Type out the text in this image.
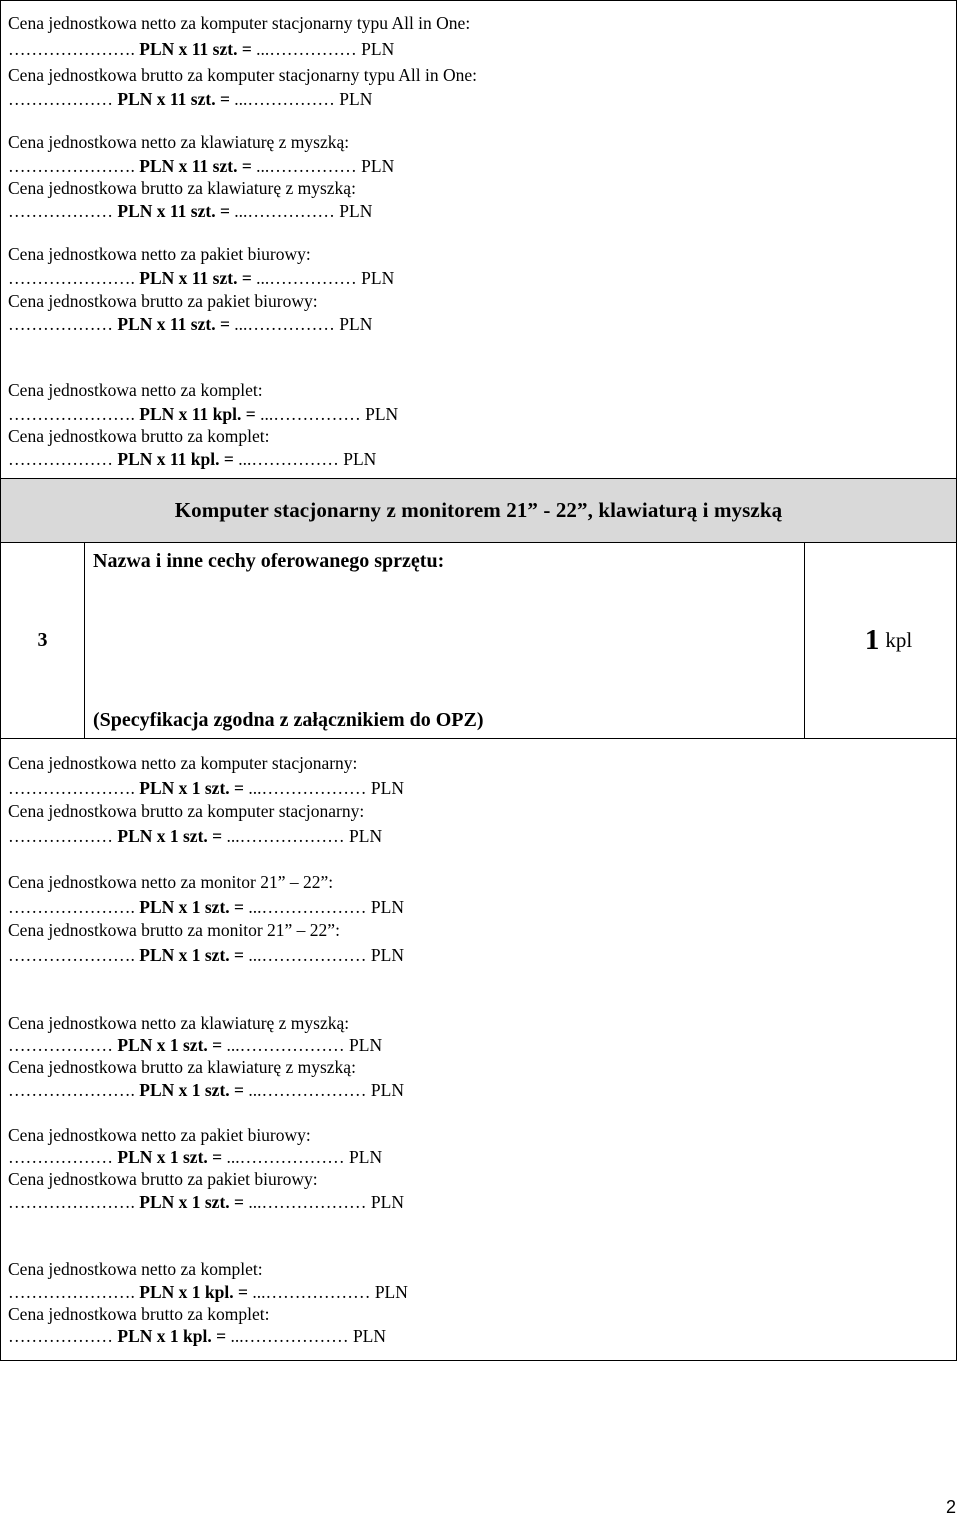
Cena jednostkowa netto za komputer stacjonarny typu All in One:
…………………. PLN x 11 szt. = ...…………… PLN
Cena jednostkowa brutto za komputer stacjonarny typu All in One:
……………… PLN x 11 szt. = ...…………… PLN
Cena jednostkowa netto za klawiaturę z myszką:
…………………. PLN x 11 szt. = ...…………… PLN
Cena jednostkowa brutto za klawiaturę z myszką:
……………… PLN x 11 szt. = ...…………… PLN
Cena jednostkowa netto za pakiet biurowy:
…………………. PLN x 11 szt. = ...…………… PLN
Cena jednostkowa brutto za pakiet biurowy:
……………… PLN x 11 szt. = ...…………… PLN
Cena jednostkowa netto za komplet:
…………………. PLN x 11 kpl. = ...…………… PLN
Cena jednostkowa brutto za komplet:
……………… PLN x 11 kpl. = ...…………… PLN
Komputer stacjonarny z monitorem 21” - 22”, klawiaturą i myszką
3
Nazwa i inne cechy oferowanego sprzętu:
(Specyfikacja zgodna z załącznikiem do OPZ)
1 kpl
Cena jednostkowa netto za komputer stacjonarny:
…………………. PLN x 1 szt. = ...……………… PLN
Cena jednostkowa brutto za komputer stacjonarny:
……………… PLN x 1 szt. = ...……………… PLN
Cena jednostkowa netto za monitor 21” – 22”:
…………………. PLN x 1 szt. = ...……………… PLN
Cena jednostkowa brutto za monitor 21” – 22”:
…………………. PLN x 1 szt. = ...……………… PLN
Cena jednostkowa netto za klawiaturę z myszką:
……………… PLN x 1 szt. = ...……………… PLN
Cena jednostkowa brutto za klawiaturę z myszką:
…………………. PLN x 1 szt. = ...……………… PLN
Cena jednostkowa netto za pakiet biurowy:
……………… PLN x 1 szt. = ...……………… PLN
Cena jednostkowa brutto za pakiet biurowy:
…………………. PLN x 1 szt. = ...……………… PLN
Cena jednostkowa netto za komplet:
…………………. PLN x 1 kpl. = ...……………… PLN
Cena jednostkowa brutto za komplet:
……………… PLN x 1 kpl. = ...……………… PLN
2
